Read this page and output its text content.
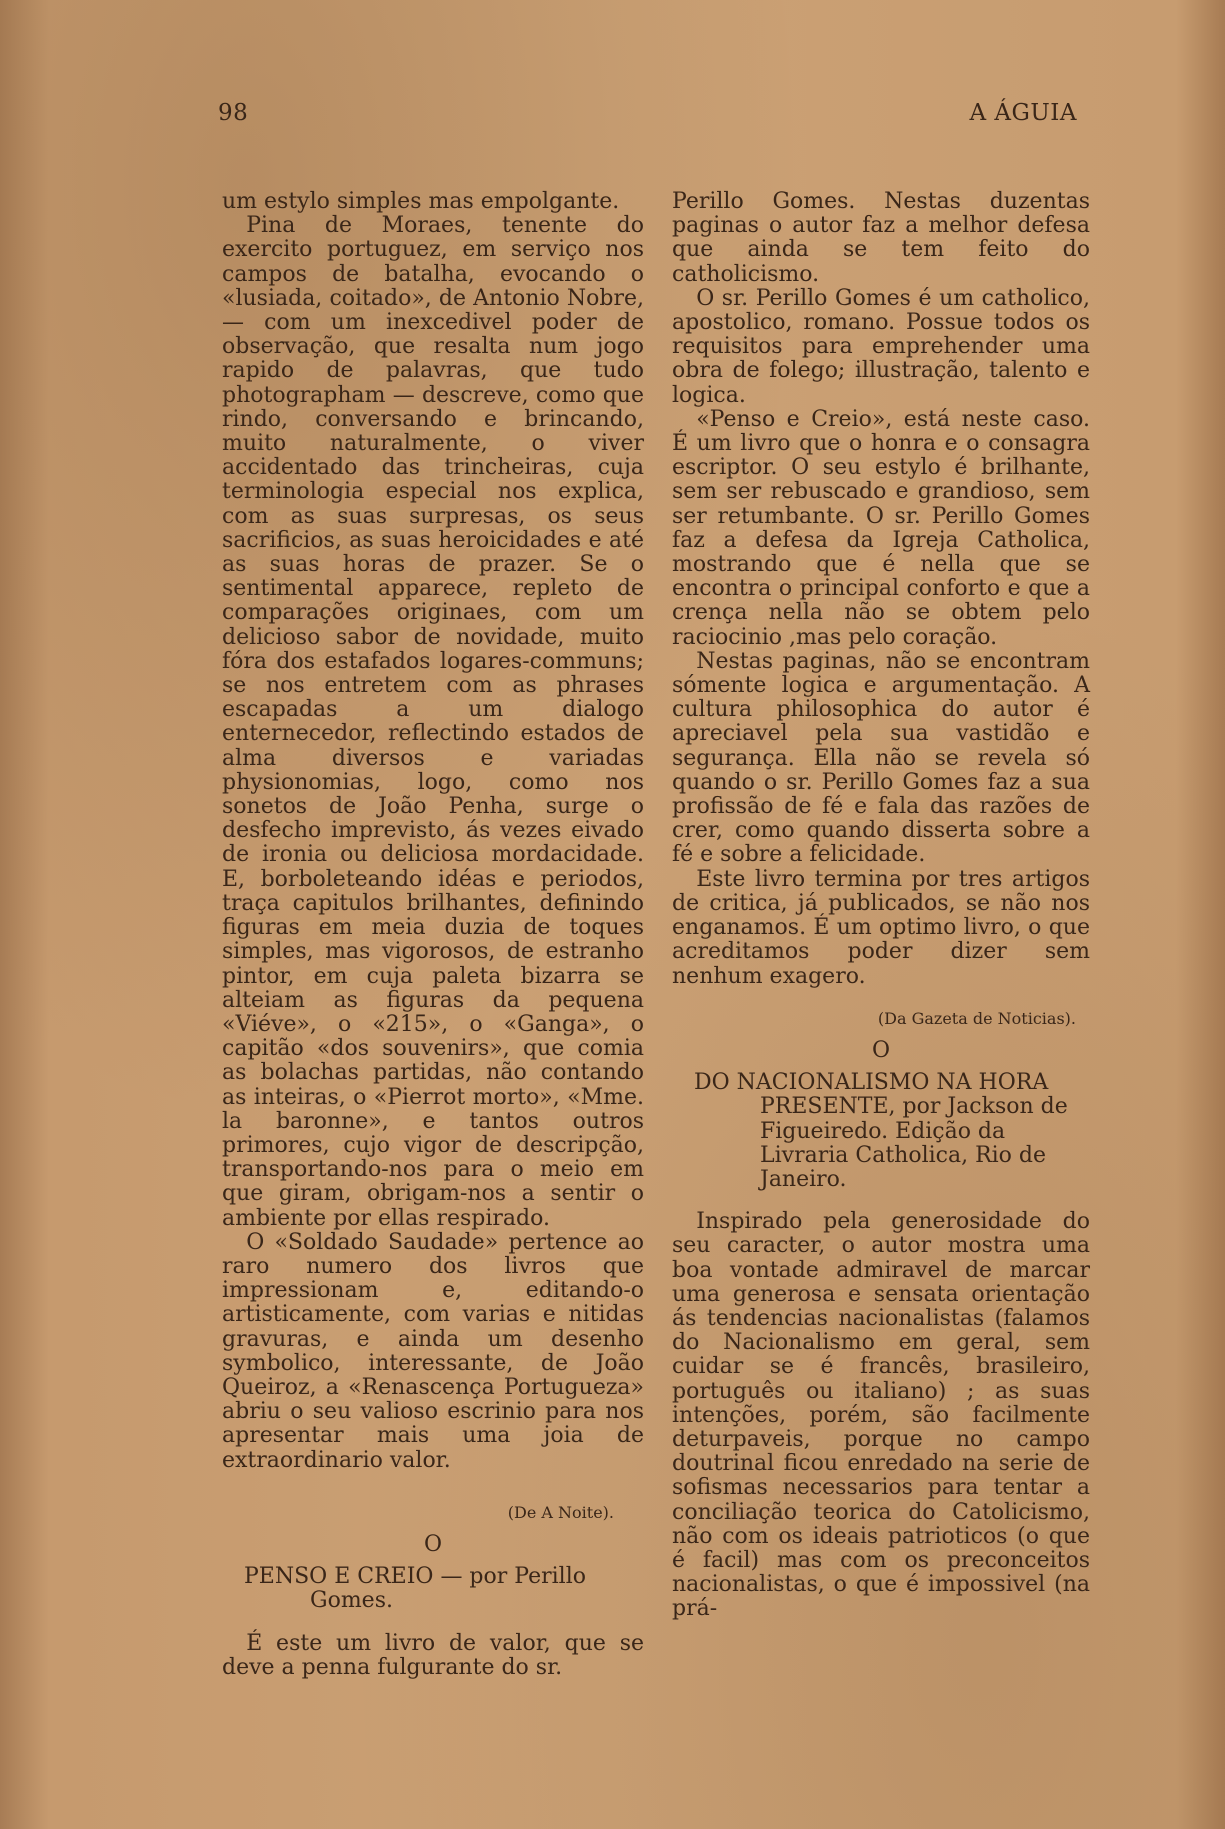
98	A ÁGUIA

um estylo simples mas empolgante.

Pina de Moraes, tenente do exercito portuguez, em serviço nos campos de batalha, evocando o «lusiada, coitado», de Antonio Nobre, — com um inexcedivel poder de observação, que resalta num jogo rapido de palavras, que tudo photographam — descreve, como que rindo, conversando e brincando, muito naturalmente, o viver accidentado das trincheiras, cuja terminologia especial nos explica, com as suas surpresas, os seus sacrificios, as suas heroicidades e até as suas horas de prazer. Se o sentimental apparece, repleto de comparações originaes, com um delicioso sabor de novidade, muito fóra dos estafados logares-communs; se nos entretem com as phrases escapadas a um dialogo enternecedor, reflectindo estados de alma diversos e variadas physionomias, logo, como nos sonetos de João Penha, surge o desfecho imprevisto, ás vezes eivado de ironia ou deliciosa mordacidade. E, borboleteando idéas e periodos, traça capitulos brilhantes, definindo figuras em meia duzia de toques simples, mas vigorosos, de estranho pintor, em cuja paleta bizarra se alteiam as figuras da pequena «Viéve», o «215», o «Ganga», o capitão «dos souvenirs», que comia as bolachas partidas, não contando as inteiras, o «Pierrot morto», «Mme. la baronne», e tantos outros primores, cujo vigor de descripção, transportando-nos para o meio em que giram, obrigam-nos a sentir o ambiente por ellas respirado.

O «Soldado Saudade» pertence ao raro numero dos livros que impressionam e, editando-o artisticamente, com varias e nitidas gravuras, e ainda um desenho symbolico, interessante, de João Queiroz, a «Renascença Portugueza» abriu o seu valioso escrinio para nos apresentar mais uma joia de extraordinario valor.

(De A Noite).
O

PENSO E CREIO — por Perillo Gomes.

É este um livro de valor, que se deve a penna fulgurante do sr.

Perillo Gomes. Nestas duzentas paginas o autor faz a melhor defesa que ainda se tem feito do catholicismo.

O sr. Perillo Gomes é um catholico, apostolico, romano. Possue todos os requisitos para emprehender uma obra de folego; illustração, talento e logica.

«Penso e Creio», está neste caso. É um livro que o honra e o consagra escriptor. O seu estylo é brilhante, sem ser rebuscado e grandioso, sem ser retumbante. O sr. Perillo Gomes faz a defesa da Igreja Catholica, mostrando que é nella que se encontra o principal conforto e que a crença nella não se obtem pelo raciocinio ,mas pelo coração.

Nestas paginas, não se encontram sómente logica e argumentação. A cultura philosophica do autor é apreciavel pela sua vastidão e segurança. Ella não se revela só quando o sr. Perillo Gomes faz a sua profissão de fé e fala das razões de crer, como quando disserta sobre a fé e sobre a felicidade.

Este livro termina por tres artigos de critica, já publicados, se não nos enganamos. É um optimo livro, o que acreditamos poder dizer sem nenhum exagero.

(Da Gazeta de Noticias).
O

DO NACIONALISMO NA HORA PRESENTE, por Jackson de Figueiredo. Edição da Livraria Catholica, Rio de Janeiro.

Inspirado pela generosidade do seu caracter, o autor mostra uma boa vontade admiravel de marcar uma generosa e sensata orientação ás tendencias nacionalistas (falamos do Nacionalismo em geral, sem cuidar se é francês, brasileiro, português ou italiano) ; as suas intenções, porém, são facilmente deturpaveis, porque no campo doutrinal ficou enredado na serie de sofismas necessarios para tentar a conciliação teorica do Catolicismo, não com os ideais patrioticos (o que é facil) mas com os preconceitos nacionalistas, o que é impossivel (na prá-
